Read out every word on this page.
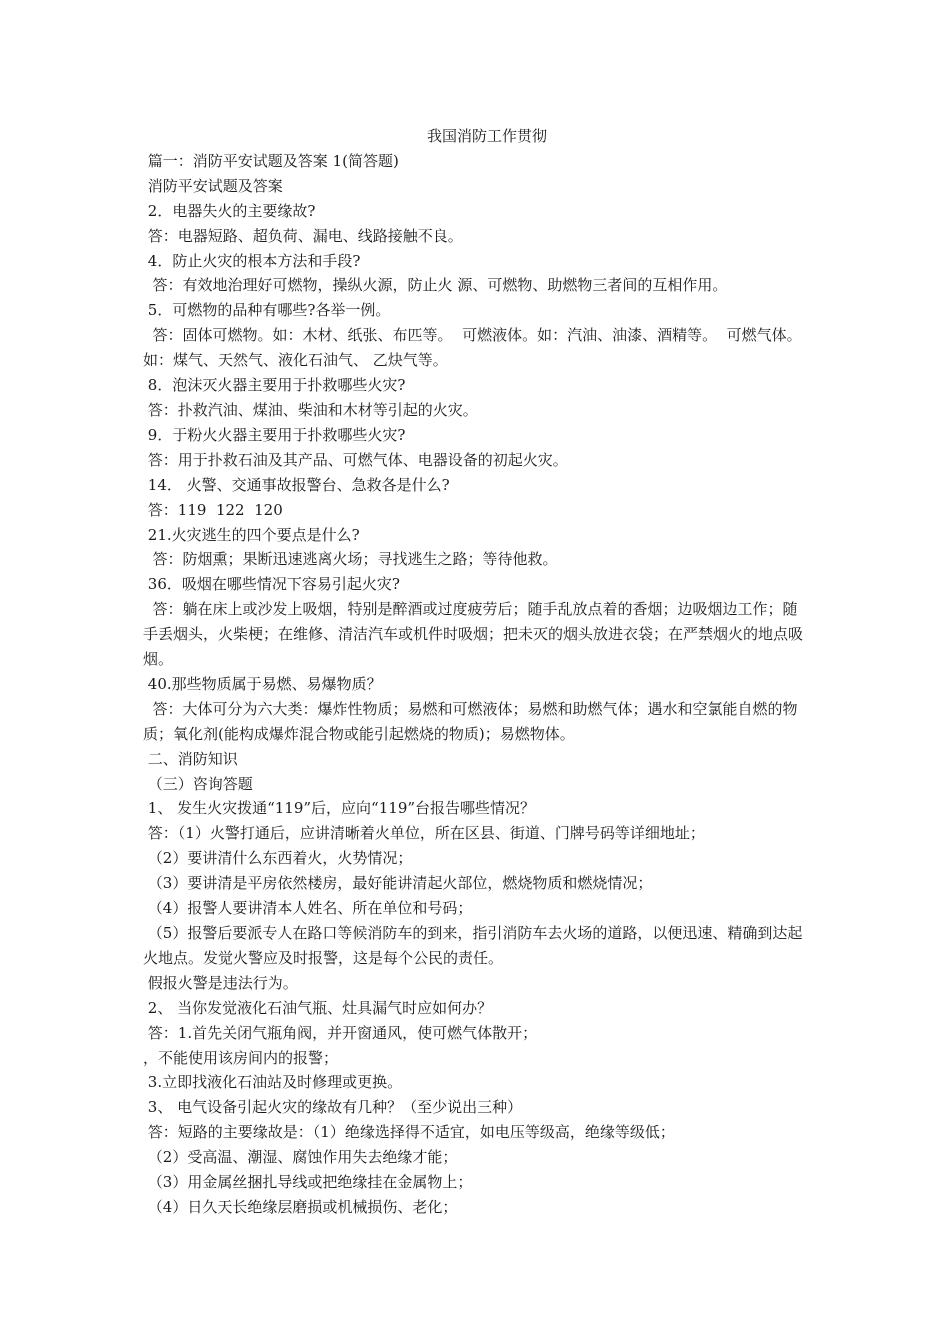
我国消防工作贯彻
篇一：消防平安试题及答案 1(简答题)
消防平安试题及答案
2．电器失火的主要缘故?
答：电器短路、超负荷、漏电、线路接触不良。
4．防止火灾的根本方法和手段?
答：有效地治理好可燃物，操纵火源，防止火 源、可燃物、助燃物三者间的互相作用。
5．可燃物的品种有哪些?各举一例。
答：固体可燃物。如：木材、纸张、布匹等。  可燃液体。如：汽油、油漆、酒精等。  可燃气体。如：煤气、天然气、液化石油气、 乙炔气等。
8．泡沫灭火器主要用于扑救哪些火灾?
答：扑救汽油、煤油、柴油和木材等引起的火灾。
9．于粉火火器主要用于扑救哪些火灾?
答：用于扑救石油及其产品、可燃气体、电器设备的初起火灾。
14． 火警、交通事故报警台、急救各是什么?
答：119  122  120
21.火灾逃生的四个要点是什么?
答：防烟熏；果断迅速逃离火场；寻找逃生之路；等待他救。
36．吸烟在哪些情况下容易引起火灾?
答：躺在床上或沙发上吸烟，特别是醉酒或过度疲劳后；随手乱放点着的香烟；边吸烟边工作；随手丢烟头，火柴梗；在维修、清洁汽车或机件时吸烟；把未灭的烟头放进衣袋；在严禁烟火的地点吸烟。
40.那些物质属于易燃、易爆物质？
答：大体可分为六大类：爆炸性物质；易燃和可燃液体；易燃和助燃气体；遇水和空氯能自燃的物质；氧化剂(能构成爆炸混合物或能引起燃烧的物质)；易燃物体。
二、消防知识
（三）咨询答题
1、 发生火灾拨通“119”后，应向“119”台报告哪些情况？
答：（1）火警打通后，应讲清晰着火单位，所在区县、街道、门牌号码等详细地址；
（2）要讲清什么东西着火，火势情况；
（3）要讲清是平房依然楼房，最好能讲清起火部位，燃烧物质和燃烧情况；
（4）报警人要讲清本人姓名、所在单位和号码；
（5）报警后要派专人在路口等候消防车的到来，指引消防车去火场的道路，以便迅速、精确到达起火地点。发觉火警应及时报警，这是每个公民的责任。
假报火警是违法行为。
2、 当你发觉液化石油气瓶、灶具漏气时应如何办？
答：1.首先关闭气瓶角阀，并开窗通风，使可燃气体散开；
，不能使用该房间内的报警；
3.立即找液化石油站及时修理或更换。
3、 电气设备引起火灾的缘故有几种？（至少说出三种）
答：短路的主要缘故是：（1）绝缘选择得不适宜，如电压等级高，绝缘等级低；
（2）受高温、潮湿、腐蚀作用失去绝缘才能；
（3）用金属丝捆扎导线或把绝缘挂在金属物上；
（4）日久天长绝缘层磨损或机械损伤、老化；
